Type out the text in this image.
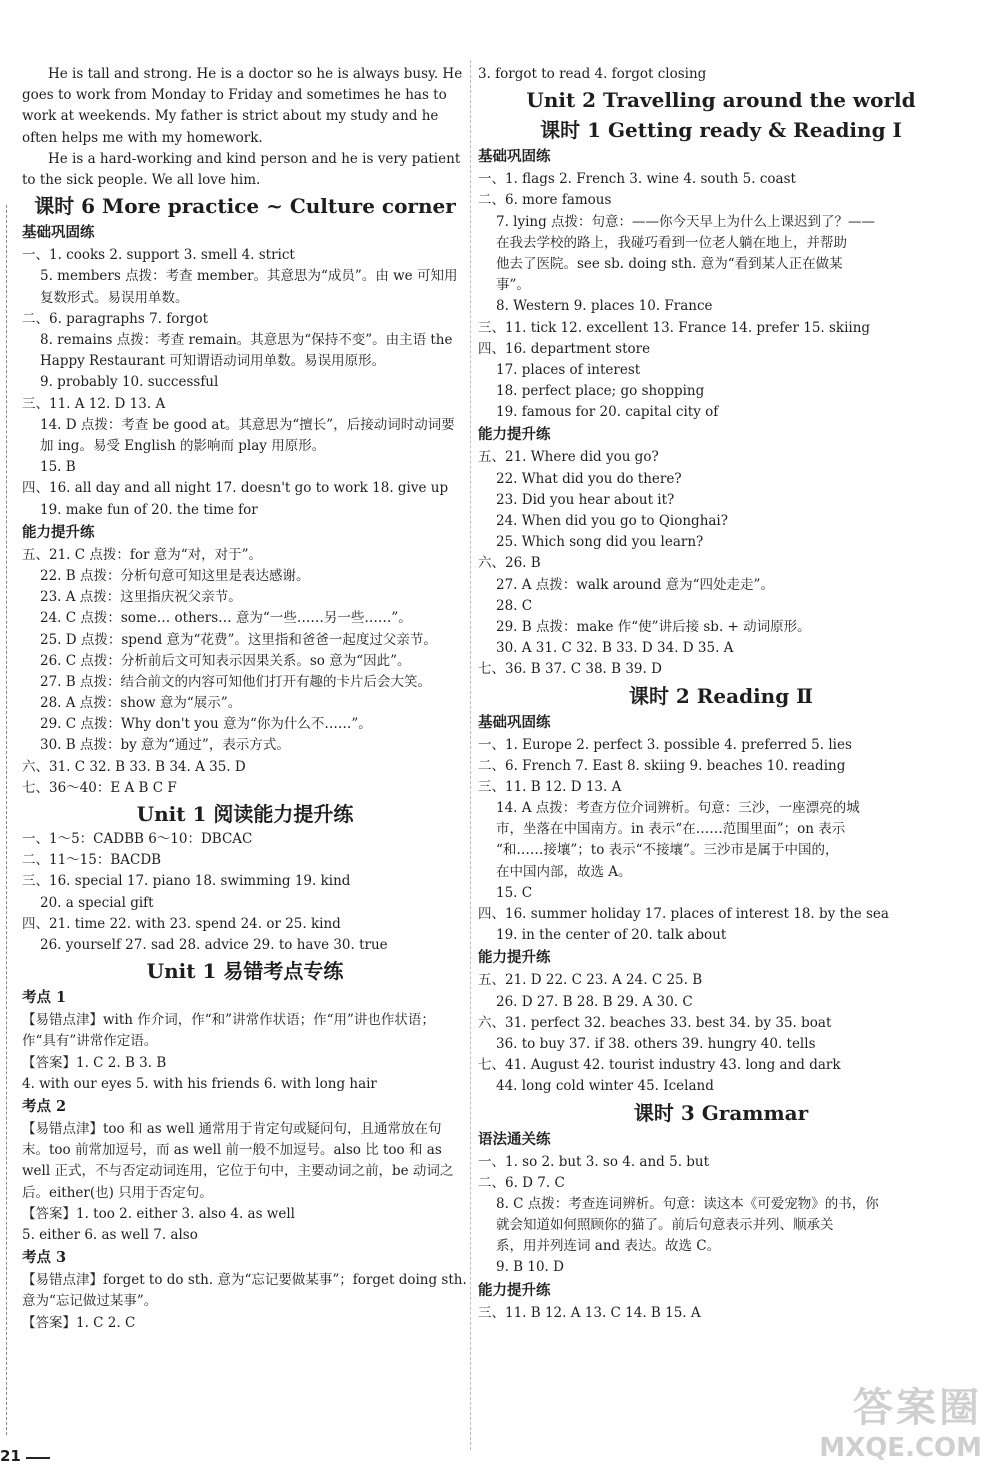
He is tall and strong. He is a doctor so he is always busy. He goes to work from Monday to Friday and sometimes he has to work at weekends. My father is strict about my study and he often helps me with my homework.
He is a hard-working and kind person and he is very patient to the sick people. We all love him.
课时 6 More practice ~ Culture corner
基础巩固练
一、1. cooks 2. support 3. smell 4. strict
5. members 点拨：考查 member。其意思为“成员”。由 we 可知用复数形式。易误用单数。
二、6. paragraphs 7. forgot
8. remains 点拨：考查 remain。其意思为“保持不变”。由主语 the Happy Restaurant 可知谓语动词用单数。易误用原形。
9. probably 10. successful
三、11. A 12. D 13. A
14. D 点拨：考查 be good at。其意思为“擅长”，后接动词时动词要加 ing。易受 English 的影响而 play 用原形。
15. B
四、16. all day and all night 17. doesn't go to work 18. give up
19. make fun of 20. the time for
能力提升练
五、21. C 点拨：for 意为“对，对于”。
22. B 点拨：分析句意可知这里是表达感谢。
23. A 点拨：这里指庆祝父亲节。
24. C 点拨：some… others… 意为“一些……另一些……”。
25. D 点拨：spend 意为“花费”。这里指和爸爸一起度过父亲节。
26. C 点拨：分析前后文可知表示因果关系。so 意为“因此”。
27. B 点拨：结合前文的内容可知他们打开有趣的卡片后会大笑。
28. A 点拨：show 意为“展示”。
29. C 点拨：Why don't you 意为“你为什么不……”。
30. B 点拨：by 意为“通过”，表示方式。
六、31. C 32. B 33. B 34. A 35. D
七、36～40：E A B C F
Unit 1 阅读能力提升练
一、1～5：CADBB 6～10：DBCAC
二、11～15：BACDB
三、16. special 17. piano 18. swimming 19. kind
20. a special gift
四、21. time 22. with 23. spend 24. or 25. kind
26. yourself 27. sad 28. advice 29. to have 30. true
Unit 1 易错考点专练
考点 1
【易错点津】with 作介词，作“和”讲常作状语；作“用”讲也作状语；作“具有”讲常作定语。
【答案】1. C 2. B 3. B
4. with our eyes 5. with his friends 6. with long hair
考点 2
【易错点津】too 和 as well 通常用于肯定句或疑问句，且通常放在句末。too 前常加逗号，而 as well 前一般不加逗号。also 比 too 和 as well 正式，不与否定动词连用，它位于句中，主要动词之前，be 动词之后。either(也) 只用于否定句。
【答案】1. too 2. either 3. also 4. as well
5. either 6. as well 7. also
考点 3
【易错点津】forget to do sth. 意为“忘记要做某事”；forget doing sth. 意为“忘记做过某事”。
【答案】1. C 2. C
3. forgot to read 4. forgot closing
Unit 2 Travelling around the world
课时 1 Getting ready & Reading Ⅰ
基础巩固练
一、1. flags 2. French 3. wine 4. south 5. coast
二、6. more famous
7. lying 点拨：句意：——你今天早上为什么上课迟到了？——
在我去学校的路上，我碰巧看到一位老人躺在地上，并帮助
他去了医院。see sb. doing sth. 意为“看到某人正在做某
事”。
8. Western 9. places 10. France
三、11. tick 12. excellent 13. France 14. prefer 15. skiing
四、16. department store
17. places of interest
18. perfect place; go shopping
19. famous for 20. capital city of
能力提升练
五、21. Where did you go?
22. What did you do there?
23. Did you hear about it?
24. When did you go to Qionghai?
25. Which song did you learn?
六、26. B
27. A 点拨：walk around 意为“四处走走”。
28. C
29. B 点拨：make 作“使”讲后接 sb. + 动词原形。
30. A 31. C 32. B 33. D 34. D 35. A
七、36. B 37. C 38. B 39. D
课时 2 Reading Ⅱ
基础巩固练
一、1. Europe 2. perfect 3. possible 4. preferred 5. lies
二、6. French 7. East 8. skiing 9. beaches 10. reading
三、11. B 12. D 13. A
14. A 点拨：考查方位介词辨析。句意：三沙，一座漂亮的城
市，坐落在中国南方。in 表示“在……范围里面”；on 表示
“和……接壤”；to 表示“不接壤”。三沙市是属于中国的，
在中国内部，故选 A。
15. C
四、16. summer holiday 17. places of interest 18. by the sea
19. in the center of 20. talk about
能力提升练
五、21. D 22. C 23. A 24. C 25. B
26. D 27. B 28. B 29. A 30. C
六、31. perfect 32. beaches 33. best 34. by 35. boat
36. to buy 37. if 38. others 39. hungry 40. tells
七、41. August 42. tourist industry 43. long and dark
44. long cold winter 45. Iceland
课时 3 Grammar
语法通关练
一、1. so 2. but 3. so 4. and 5. but
二、6. D 7. C
8. C 点拨：考查连词辨析。句意：读这本《可爱宠物》的书，你
就会知道如何照顾你的猫了。前后句意表示并列、顺承关
系，用并列连词 and 表达。故选 C。
9. B 10. D
能力提升练
三、11. B 12. A 13. C 14. B 15. A
21
答案圈
MXQE.COM
